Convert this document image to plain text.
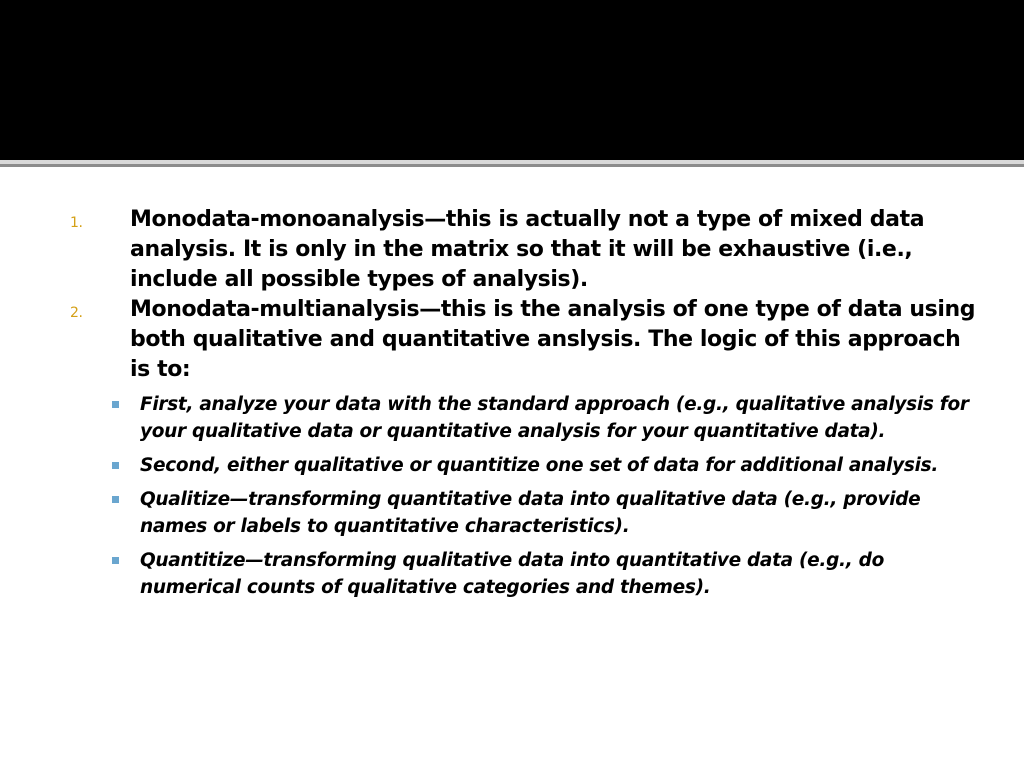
1. Monodata-monoanalysis—this is actually not a type of mixed data analysis. It is only in the matrix so that it will be exhaustive (i.e., include all possible types of analysis).
2. Monodata-multianalysis—this is the analysis of one type of data using both qualitative and quantitative anslysis. The logic of this approach is to:
First, analyze your data with the standard approach (e.g., qualitative analysis for your qualitative data or quantitative analysis for your quantitative data).
Second, either qualitative or quantitize one set of data for additional analysis.
Qualitize—transforming quantitative data into qualitative data (e.g., provide names or labels to quantitative characteristics).
Quantitize—transforming qualitative data into quantitative data (e.g., do numerical counts of qualitative categories and themes).
